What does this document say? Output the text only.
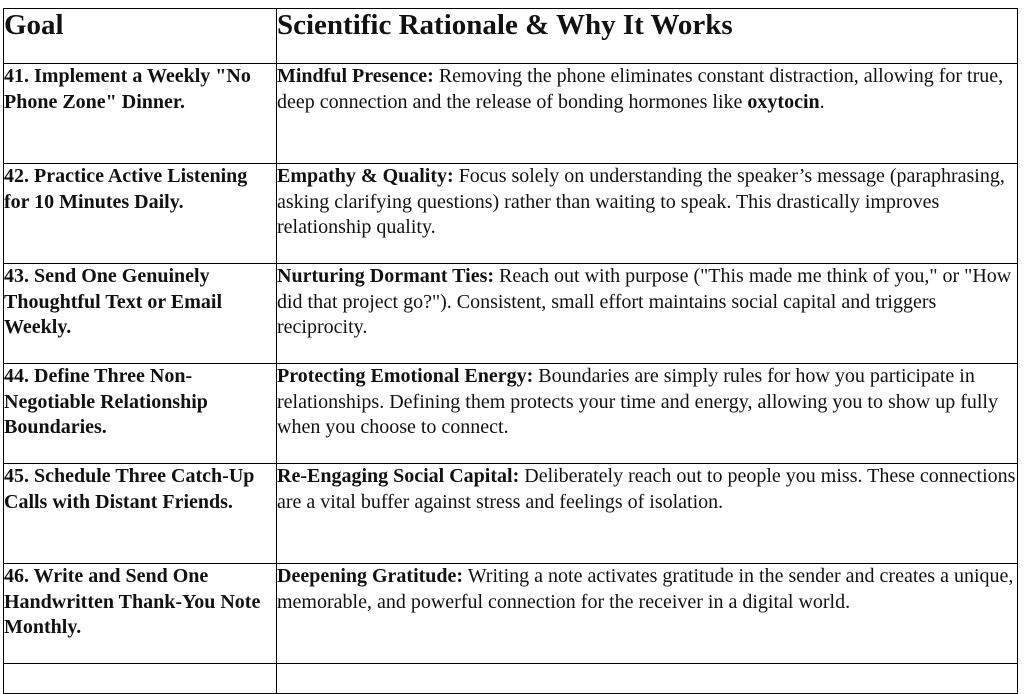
Goal	Scientific Rationale & Why It Works
41. Implement a Weekly "No Phone Zone" Dinner.	Mindful Presence: Removing the phone eliminates constant distraction, allowing for true, deep connection and the release of bonding hormones like oxytocin.
42. Practice Active Listening for 10 Minutes Daily.	Empathy & Quality: Focus solely on understanding the speaker’s message (paraphrasing, asking clarifying questions) rather than waiting to speak. This drastically improves relationship quality.
43. Send One Genuinely Thoughtful Text or Email Weekly.	Nurturing Dormant Ties: Reach out with purpose ("This made me think of you," or "How did that project go?"). Consistent, small effort maintains social capital and triggers reciprocity.
44. Define Three Non-Negotiable Relationship Boundaries.	Protecting Emotional Energy: Boundaries are simply rules for how you participate in relationships. Defining them protects your time and energy, allowing you to show up fully when you choose to connect.
45. Schedule Three Catch-Up Calls with Distant Friends.	Re-Engaging Social Capital: Deliberately reach out to people you miss. These connections are a vital buffer against stress and feelings of isolation.
46. Write and Send One Handwritten Thank-You Note Monthly.	Deepening Gratitude: Writing a note activates gratitude in the sender and creates a unique, memorable, and powerful connection for the receiver in a digital world.
